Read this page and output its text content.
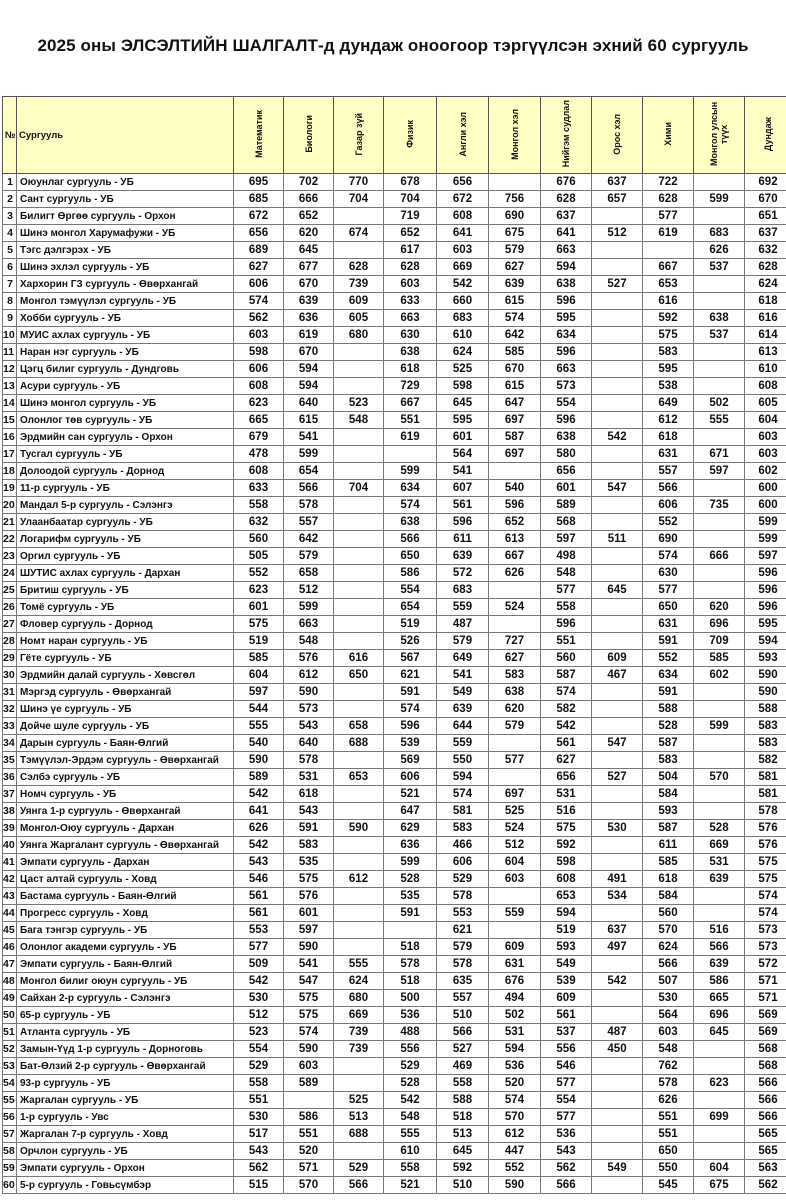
2025 оны ЭЛСЭЛТИЙН ШАЛГАЛТ-д дундаж оноогоор тэргүүлсэн эхний 60 сургууль
№	Сургууль	Математик	Биологи	Газар зүй	Физик	Англи хэл	Монгол хэл	Нийгэм судлал	Орос хэл	Хими	Монгол улсын түүх	Дундаж
1	Оюунлаг сургууль - УБ	695	702	770	678	656		676	637	722		692
2	Сант сургууль - УБ	685	666	704	704	672	756	628	657	628	599	670
3	Билигт Өргөө сургууль - Орхон	672	652		719	608	690	637		577		651
4	Шинэ монгол Харумафужи - УБ	656	620	674	652	641	675	641	512	619	683	637
5	Тэгс дэлгэрэх - УБ	689	645		617	603	579	663			626	632
6	Шинэ эхлэл сургууль - УБ	627	677	628	628	669	627	594		667	537	628
7	Хархорин ГЗ сургууль - Өвөрхангай	606	670	739	603	542	639	638	527	653		624
8	Монгол тэмүүлэл сургууль - УБ	574	639	609	633	660	615	596		616		618
9	Хобби сургууль - УБ	562	636	605	663	683	574	595		592	638	616
10	МУИС ахлах сургууль - УБ	603	619	680	630	610	642	634		575	537	614
11	Наран нэг сургууль - УБ	598	670		638	624	585	596		583		613
12	Цэгц билиг сургууль - Дундговь	606	594		618	525	670	663		595		610
13	Асури сургууль - УБ	608	594		729	598	615	573		538		608
14	Шинэ монгол сургууль - УБ	623	640	523	667	645	647	554		649	502	605
15	Олонлог төв сургууль - УБ	665	615	548	551	595	697	596		612	555	604
16	Эрдмийн сан сургууль - Орхон	679	541		619	601	587	638	542	618		603
17	Тусгал сургууль - УБ	478	599			564	697	580		631	671	603
18	Долоодой сургууль - Дорнод	608	654		599	541		656		557	597	602
19	11-р сургууль - УБ	633	566	704	634	607	540	601	547	566		600
20	Мандал 5-р сургууль - Сэлэнгэ	558	578		574	561	596	589		606	735	600
21	Улаанбаатар сургууль - УБ	632	557		638	596	652	568		552		599
22	Логарифм сургууль - УБ	560	642		566	611	613	597	511	690		599
23	Оргил сургууль - УБ	505	579		650	639	667	498		574	666	597
24	ШУТИС ахлах сургууль - Дархан	552	658		586	572	626	548		630		596
25	Бритиш сургууль - УБ	623	512		554	683		577	645	577		596
26	Томё сургууль - УБ	601	599		654	559	524	558		650	620	596
27	Фловер сургууль - Дорнод	575	663		519	487		596		631	696	595
28	Номт наран сургууль - УБ	519	548		526	579	727	551		591	709	594
29	Гёте сургууль - УБ	585	576	616	567	649	627	560	609	552	585	593
30	Эрдмийн далай сургууль - Хөвсгөл	604	612	650	621	541	583	587	467	634	602	590
31	Мэргэд сургууль - Өвөрхангай	597	590		591	549	638	574		591		590
32	Шинэ үе сургууль - УБ	544	573		574	639	620	582		588		588
33	Дойче шуле сургууль - УБ	555	543	658	596	644	579	542		528	599	583
34	Дарын сургууль - Баян-Өлгий	540	640	688	539	559		561	547	587		583
35	Тэмүүлэл-Эрдэм сургууль - Өвөрхангай	590	578		569	550	577	627		583		582
36	Сэлбэ сургууль - УБ	589	531	653	606	594		656	527	504	570	581
37	Номч сургууль - УБ	542	618		521	574	697	531		584		581
38	Уянга 1-р сургууль - Өвөрхангай	641	543		647	581	525	516		593		578
39	Монгол-Оюу сургууль - Дархан	626	591	590	629	583	524	575	530	587	528	576
40	Уянга Жаргалант сургууль - Өвөрхангай	542	583		636	466	512	592		611	669	576
41	Эмпати сургууль - Дархан	543	535		599	606	604	598		585	531	575
42	Цаст алтай сургууль - Ховд	546	575	612	528	529	603	608	491	618	639	575
43	Бастама сургууль - Баян-Өлгий	561	576		535	578		653	534	584		574
44	Прогресс сургууль - Ховд	561	601		591	553	559	594		560		574
45	Бага тэнгэр сургууль - УБ	553	597			621		519	637	570	516	573
46	Олонлог академи сургууль - УБ	577	590		518	579	609	593	497	624	566	573
47	Эмпати сургууль - Баян-Өлгий	509	541	555	578	578	631	549		566	639	572
48	Монгол билиг оюун сургууль - УБ	542	547	624	518	635	676	539	542	507	586	571
49	Сайхан 2-р сургууль - Сэлэнгэ	530	575	680	500	557	494	609		530	665	571
50	65-р сургууль - УБ	512	575	669	536	510	502	561		564	696	569
51	Атланта сургууль - УБ	523	574	739	488	566	531	537	487	603	645	569
52	Замын-Үүд 1-р сургууль - Дорноговь	554	590	739	556	527	594	556	450	548		568
53	Бат-Өлзий 2-р сургууль - Өвөрхангай	529	603		529	469	536	546		762		568
54	93-р сургууль - УБ	558	589		528	558	520	577		578	623	566
55	Жаргалан сургууль - УБ	551		525	542	588	574	554		626		566
56	1-р сургууль - Увс	530	586	513	548	518	570	577		551	699	566
57	Жаргалан 7-р сургууль - Ховд	517	551	688	555	513	612	536		551		565
58	Орчлон сургууль - УБ	543	520		610	645	447	543		650		565
59	Эмпати сургууль - Орхон	562	571	529	558	592	552	562	549	550	604	563
60	5-р сургууль - Говьсүмбэр	515	570	566	521	510	590	566		545	675	562
